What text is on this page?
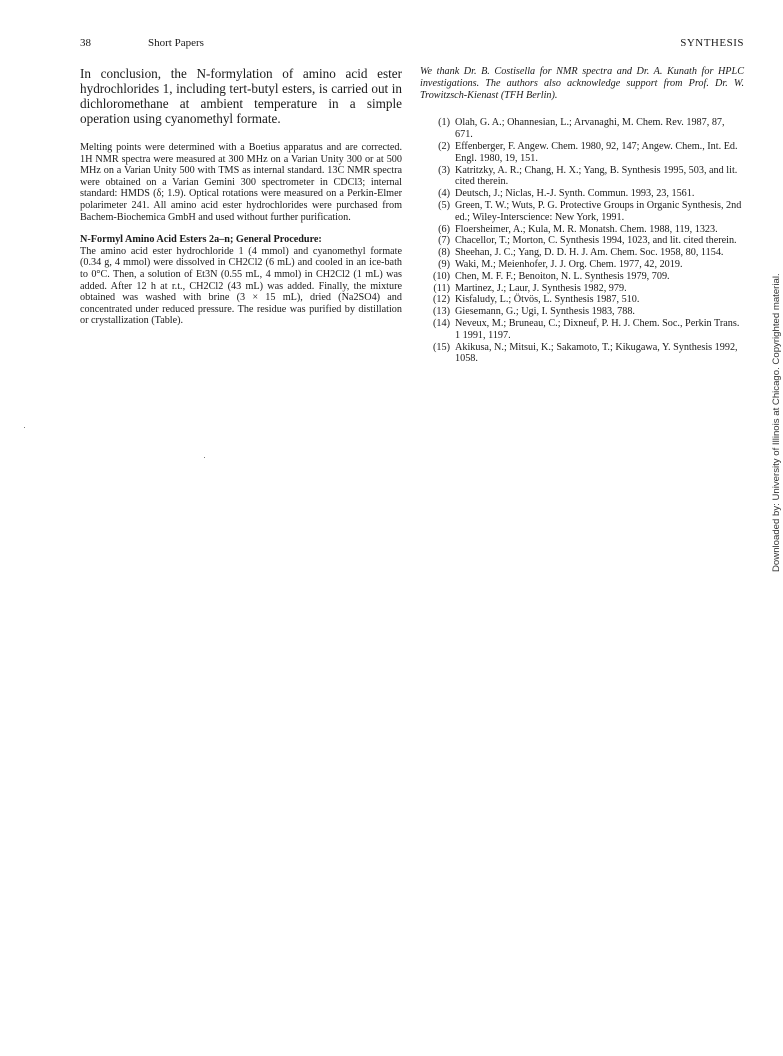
38	Short Papers	SYNTHESIS

In conclusion, the N-formylation of amino acid ester hydrochlorides 1, including tert-butyl esters, is carried out in dichloromethane at ambient temperature in a simple operation using cyanomethyl formate.

Melting points were determined with a Boetius apparatus and are corrected. 1H NMR spectra were measured at 300 MHz on a Varian Unity 300 or at 500 MHz on a Varian Unity 500 with TMS as internal standard. 13C NMR spectra were obtained on a Varian Gemini 300 spectrometer in CDCl3; internal standard: HMDS (δ; 1.9). Optical rotations were measured on a Perkin-Elmer polarimeter 241. All amino acid ester hydrochlorides were purchased from Bachem-Biochemica GmbH and used without further purification.

N-Formyl Amino Acid Esters 2a–n; General Procedure:

The amino acid ester hydrochloride 1 (4 mmol) and cyanomethyl formate (0.34 g, 4 mmol) were dissolved in CH2Cl2 (6 mL) and cooled in an ice-bath to 0°C. Then, a solution of Et3N (0.55 mL, 4 mmol) in CH2Cl2 (1 mL) was added. After 12 h at r.t., CH2Cl2 (43 mL) was added. Finally, the mixture obtained was washed with brine (3 × 15 mL), dried (Na2SO4) and concentrated under reduced pressure. The residue was purified by distillation or crystallization (Table).

We thank Dr. B. Costisella for NMR spectra and Dr. A. Kunath for HPLC investigations. The authors also acknowledge support from Prof. Dr. W. Trowitzsch-Kienast (TFH Berlin).

(1) Olah, G. A.; Ohannesian, L.; Arvanaghi, M. Chem. Rev. 1987, 87, 671.

(2) Effenberger, F. Angew. Chem. 1980, 92, 147; Angew. Chem., Int. Ed. Engl. 1980, 19, 151.

(3) Katritzky, A. R.; Chang, H. X.; Yang, B. Synthesis 1995, 503, and lit. cited therein.

(4) Deutsch, J.; Niclas, H.-J. Synth. Commun. 1993, 23, 1561.

(5) Green, T. W.; Wuts, P. G. Protective Groups in Organic Synthesis, 2nd ed.; Wiley-Interscience: New York, 1991.

(6) Floersheimer, A.; Kula, M. R. Monatsh. Chem. 1988, 119, 1323.

(7) Chacellor, T.; Morton, C. Synthesis 1994, 1023, and lit. cited therein.

(8) Sheehan, J. C.; Yang, D. D. H. J. Am. Chem. Soc. 1958, 80, 1154.

(9) Waki, M.; Meienhofer, J. J. Org. Chem. 1977, 42, 2019.

(10) Chen, M. F. F.; Benoiton, N. L. Synthesis 1979, 709.

(11) Martinez, J.; Laur, J. Synthesis 1982, 979.

(12) Kisfaludy, L.; Ötvös, L. Synthesis 1987, 510.

(13) Giesemann, G.; Ugi, I. Synthesis 1983, 788.

(14) Neveux, M.; Bruneau, C.; Dixneuf, P. H. J. Chem. Soc., Perkin Trans. 1 1991, 1197.

(15) Akikusa, N.; Mitsui, K.; Sakamoto, T.; Kikugawa, Y. Synthesis 1992, 1058.	Downloaded by: University of Illinois at Chicago. Copyrighted material.
